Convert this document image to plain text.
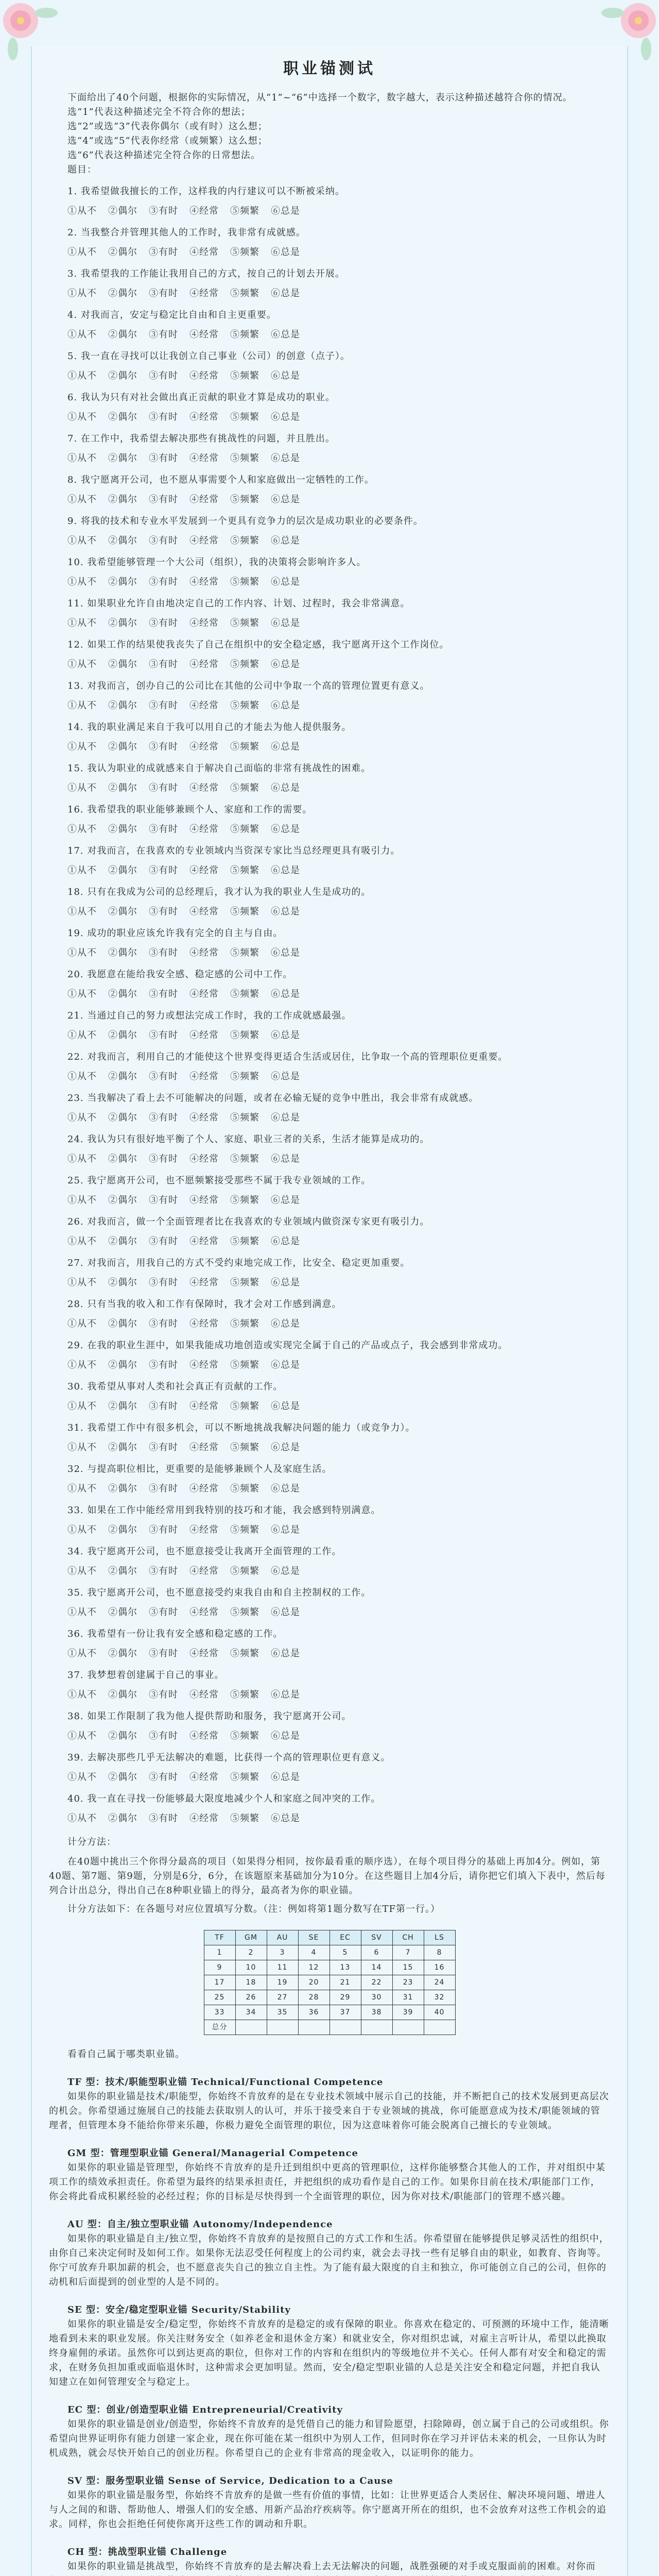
职业锚测试

下面给出了40个问题，根据你的实际情况，从“1”~“6”中选择一个数字，数字越大，表示这种描述越符合你的情况。

选“1”代表这种描述完全不符合你的想法；

选“2”或选“3”代表你偶尔（或有时）这么想；

选“4”或选“5”代表你经常（或频繁）这么想；

选“6”代表这种描述完全符合你的日常想法。

题目：

1. 我希望做我擅长的工作，这样我的内行建议可以不断被采纳。

①从不 ②偶尔 ③有时 ④经常 ⑤频繁 ⑥总是

2. 当我整合并管理其他人的工作时，我非常有成就感。

①从不 ②偶尔 ③有时 ④经常 ⑤频繁 ⑥总是

3. 我希望我的工作能让我用自己的方式，按自己的计划去开展。

①从不 ②偶尔 ③有时 ④经常 ⑤频繁 ⑥总是

4. 对我而言，安定与稳定比自由和自主更重要。

①从不 ②偶尔 ③有时 ④经常 ⑤频繁 ⑥总是

5. 我一直在寻找可以让我创立自己事业（公司）的创意（点子）。

①从不 ②偶尔 ③有时 ④经常 ⑤频繁 ⑥总是

6. 我认为只有对社会做出真正贡献的职业才算是成功的职业。

①从不 ②偶尔 ③有时 ④经常 ⑤频繁 ⑥总是

7. 在工作中，我希望去解决那些有挑战性的问题，并且胜出。

①从不 ②偶尔 ③有时 ④经常 ⑤频繁 ⑥总是

8. 我宁愿离开公司，也不愿从事需要个人和家庭做出一定牺牲的工作。

①从不 ②偶尔 ③有时 ④经常 ⑤频繁 ⑥总是

9. 将我的技术和专业水平发展到一个更具有竞争力的层次是成功职业的必要条件。

①从不 ②偶尔 ③有时 ④经常 ⑤频繁 ⑥总是

10. 我希望能够管理一个大公司（组织），我的决策将会影响许多人。

①从不 ②偶尔 ③有时 ④经常 ⑤频繁 ⑥总是

11. 如果职业允许自由地决定自己的工作内容、计划、过程时，我会非常满意。

①从不 ②偶尔 ③有时 ④经常 ⑤频繁 ⑥总是

12. 如果工作的结果使我丧失了自己在组织中的安全稳定感，我宁愿离开这个工作岗位。

①从不 ②偶尔 ③有时 ④经常 ⑤频繁 ⑥总是

13. 对我而言，创办自己的公司比在其他的公司中争取一个高的管理位置更有意义。

①从不 ②偶尔 ③有时 ④经常 ⑤频繁 ⑥总是

14. 我的职业满足来自于我可以用自己的才能去为他人提供服务。

①从不 ②偶尔 ③有时 ④经常 ⑤频繁 ⑥总是

15. 我认为职业的成就感来自于解决自己面临的非常有挑战性的困难。

①从不 ②偶尔 ③有时 ④经常 ⑤频繁 ⑥总是

16. 我希望我的职业能够兼顾个人、家庭和工作的需要。

①从不 ②偶尔 ③有时 ④经常 ⑤频繁 ⑥总是

17. 对我而言，在我喜欢的专业领域内当资深专家比当总经理更具有吸引力。

①从不 ②偶尔 ③有时 ④经常 ⑤频繁 ⑥总是

18. 只有在我成为公司的总经理后，我才认为我的职业人生是成功的。

①从不 ②偶尔 ③有时 ④经常 ⑤频繁 ⑥总是

19. 成功的职业应该允许我有完全的自主与自由。

①从不 ②偶尔 ③有时 ④经常 ⑤频繁 ⑥总是

20. 我愿意在能给我安全感、稳定感的公司中工作。

①从不 ②偶尔 ③有时 ④经常 ⑤频繁 ⑥总是

21. 当通过自己的努力或想法完成工作时，我的工作成就感最强。

①从不 ②偶尔 ③有时 ④经常 ⑤频繁 ⑥总是

22. 对我而言，利用自己的才能使这个世界变得更适合生活或居住，比争取一个高的管理职位更重要。

①从不 ②偶尔 ③有时 ④经常 ⑤频繁 ⑥总是

23. 当我解决了看上去不可能解决的问题，或者在必输无疑的竞争中胜出，我会非常有成就感。

①从不 ②偶尔 ③有时 ④经常 ⑤频繁 ⑥总是

24. 我认为只有很好地平衡了个人、家庭、职业三者的关系，生活才能算是成功的。

①从不 ②偶尔 ③有时 ④经常 ⑤频繁 ⑥总是

25. 我宁愿离开公司，也不愿频繁接受那些不属于我专业领域的工作。

①从不 ②偶尔 ③有时 ④经常 ⑤频繁 ⑥总是

26. 对我而言，做一个全面管理者比在我喜欢的专业领域内做资深专家更有吸引力。

①从不 ②偶尔 ③有时 ④经常 ⑤频繁 ⑥总是

27. 对我而言，用我自己的方式不受约束地完成工作，比安全、稳定更加重要。

①从不 ②偶尔 ③有时 ④经常 ⑤频繁 ⑥总是

28. 只有当我的收入和工作有保障时，我才会对工作感到满意。

①从不 ②偶尔 ③有时 ④经常 ⑤频繁 ⑥总是

29. 在我的职业生涯中，如果我能成功地创造或实现完全属于自己的产品或点子，我会感到非常成功。

①从不 ②偶尔 ③有时 ④经常 ⑤频繁 ⑥总是

30. 我希望从事对人类和社会真正有贡献的工作。

①从不 ②偶尔 ③有时 ④经常 ⑤频繁 ⑥总是

31. 我希望工作中有很多机会，可以不断地挑战我解决问题的能力（或竞争力）。

①从不 ②偶尔 ③有时 ④经常 ⑤频繁 ⑥总是

32. 与提高职位相比，更重要的是能够兼顾个人及家庭生活。

①从不 ②偶尔 ③有时 ④经常 ⑤频繁 ⑥总是

33. 如果在工作中能经常用到我特别的技巧和才能，我会感到特别满意。

①从不 ②偶尔 ③有时 ④经常 ⑤频繁 ⑥总是

34. 我宁愿离开公司，也不愿意接受让我离开全面管理的工作。

①从不 ②偶尔 ③有时 ④经常 ⑤频繁 ⑥总是

35. 我宁愿离开公司，也不愿意接受约束我自由和自主控制权的工作。

①从不 ②偶尔 ③有时 ④经常 ⑤频繁 ⑥总是

36. 我希望有一份让我有安全感和稳定感的工作。

①从不 ②偶尔 ③有时 ④经常 ⑤频繁 ⑥总是

37. 我梦想着创建属于自己的事业。

①从不 ②偶尔 ③有时 ④经常 ⑤频繁 ⑥总是

38. 如果工作限制了我为他人提供帮助和服务，我宁愿离开公司。

①从不 ②偶尔 ③有时 ④经常 ⑤频繁 ⑥总是

39. 去解决那些几乎无法解决的难题，比获得一个高的管理职位更有意义。

①从不 ②偶尔 ③有时 ④经常 ⑤频繁 ⑥总是

40. 我一直在寻找一份能够最大限度地减少个人和家庭之间冲突的工作。

①从不 ②偶尔 ③有时 ④经常 ⑤频繁 ⑥总是

计分方法：

在40题中挑出三个你得分最高的项目（如果得分相同，按你最看重的顺序选），在每个项目得分的基础上再加4分。例如，第40题、第7题、第9题，分别是6分，6分，在该题原来基础加分为10分。在这些题目上加4分后，请你把它们填入下表中，然后每列合计出总分，得出自己在8种职业锚上的得分，最高者为你的职业锚。

计分方法如下：在各题号对应位置填写分数。（注：例如将第1题分数写在TF第一行。）

TF	GM	AU	SE	EC	SV	CH	LS
1	2	3	4	5	6	7	8
9	10	11	12	13	14	15	16
17	18	19	20	21	22	23	24
25	26	27	28	29	30	31	32
33	34	35	36	37	38	39	40
总分							

看看自己属于哪类职业锚。

TF 型：技术/职能型职业锚 Technical/Functional Competence

如果你的职业锚是技术/职能型，你始终不肯放弃的是在专业技术领域中展示自己的技能，并不断把自己的技术发展到更高层次的机会。你希望通过施展自己的技能去获取别人的认可，并乐于接受来自于专业领域的挑战，你可能愿意成为技术/职能领域的管理者，但管理本身不能给你带来乐趣，你极力避免全面管理的职位，因为这意味着你可能会脱离自己擅长的专业领域。

GM 型：管理型职业锚 General/Managerial Competence

如果你的职业锚是管理型，你始终不肯放弃的是升迁到组织中更高的管理职位，这样你能够整合其他人的工作，并对组织中某项工作的绩效承担责任。你希望为最终的结果承担责任，并把组织的成功看作是自己的工作。如果你目前在技术/职能部门工作，你会将此看成积累经验的必经过程；你的目标是尽快得到一个全面管理的职位，因为你对技术/职能部门的管理不感兴趣。

AU 型：自主/独立型职业锚 Autonomy/Independence

如果你的职业锚是自主/独立型，你始终不肯放弃的是按照自己的方式工作和生活。你希望留在能够提供足够灵活性的组织中，由你自己来决定何时及如何工作。如果你无法忍受任何程度上的公司约束，就会去寻找一些有足够自由的职业，如教育、咨询等。你宁可放弃升职加薪的机会，也不愿意丧失自己的独立自主性。为了能有最大限度的自主和独立，你可能创立自己的公司，但你的动机和后面提到的创业型的人是不同的。

SE 型：安全/稳定型职业锚 Security/Stability

如果你的职业锚是安全/稳定型，你始终不肯放弃的是稳定的或有保障的职业。你喜欢在稳定的、可预测的环境中工作，能清晰地看到未来的职业发展。你关注财务安全（如养老金和退休金方案）和就业安全，你对组织忠诚，对雇主言听计从，希望以此换取终身雇佣的承诺。虽然你可以到达更高的职位，但你对工作的内容和在组织内的等级地位并不关心。任何人都有对安全和稳定的需求，在财务负担加重或面临退休时，这种需求会更加明显。然而，安全/稳定型职业锚的人总是关注安全和稳定问题，并把自我认知建立在如何管理安全与稳定上。

EC 型：创业/创造型职业锚 Entrepreneurial/Creativity

如果你的职业锚是创业/创造型，你始终不肯放弃的是凭借自己的能力和冒险愿望，扫除障碍，创立属于自己的公司或组织。你希望向世界证明你有能力创建一家企业，现在你可能在某一组织中为别人工作，但同时你在学习并评估未来的机会，一旦你认为时机成熟，就会尽快开始自己的创业历程。你希望自己的企业有非常高的现金收入，以证明你的能力。

SV 型：服务型职业锚 Sense of Service, Dedication to a Cause

如果你的职业锚是服务型，你始终不肯放弃的是做一些有价值的事情，比如：让世界更适合人类居住、解决环境问题、增进人与人之间的和谐、帮助他人、增强人们的安全感、用新产品治疗疾病等。你宁愿离开所在的组织，也不会放弃对这些工作机会的追求。同样，你也会拒绝任何使你离开这些工作的调动和升职。

CH 型：挑战型职业锚 Challenge

如果你的职业锚是挑战型，你始终不肯放弃的是去解决看上去无法解决的问题，战胜强硬的对手或克服面前的困难。对你而
